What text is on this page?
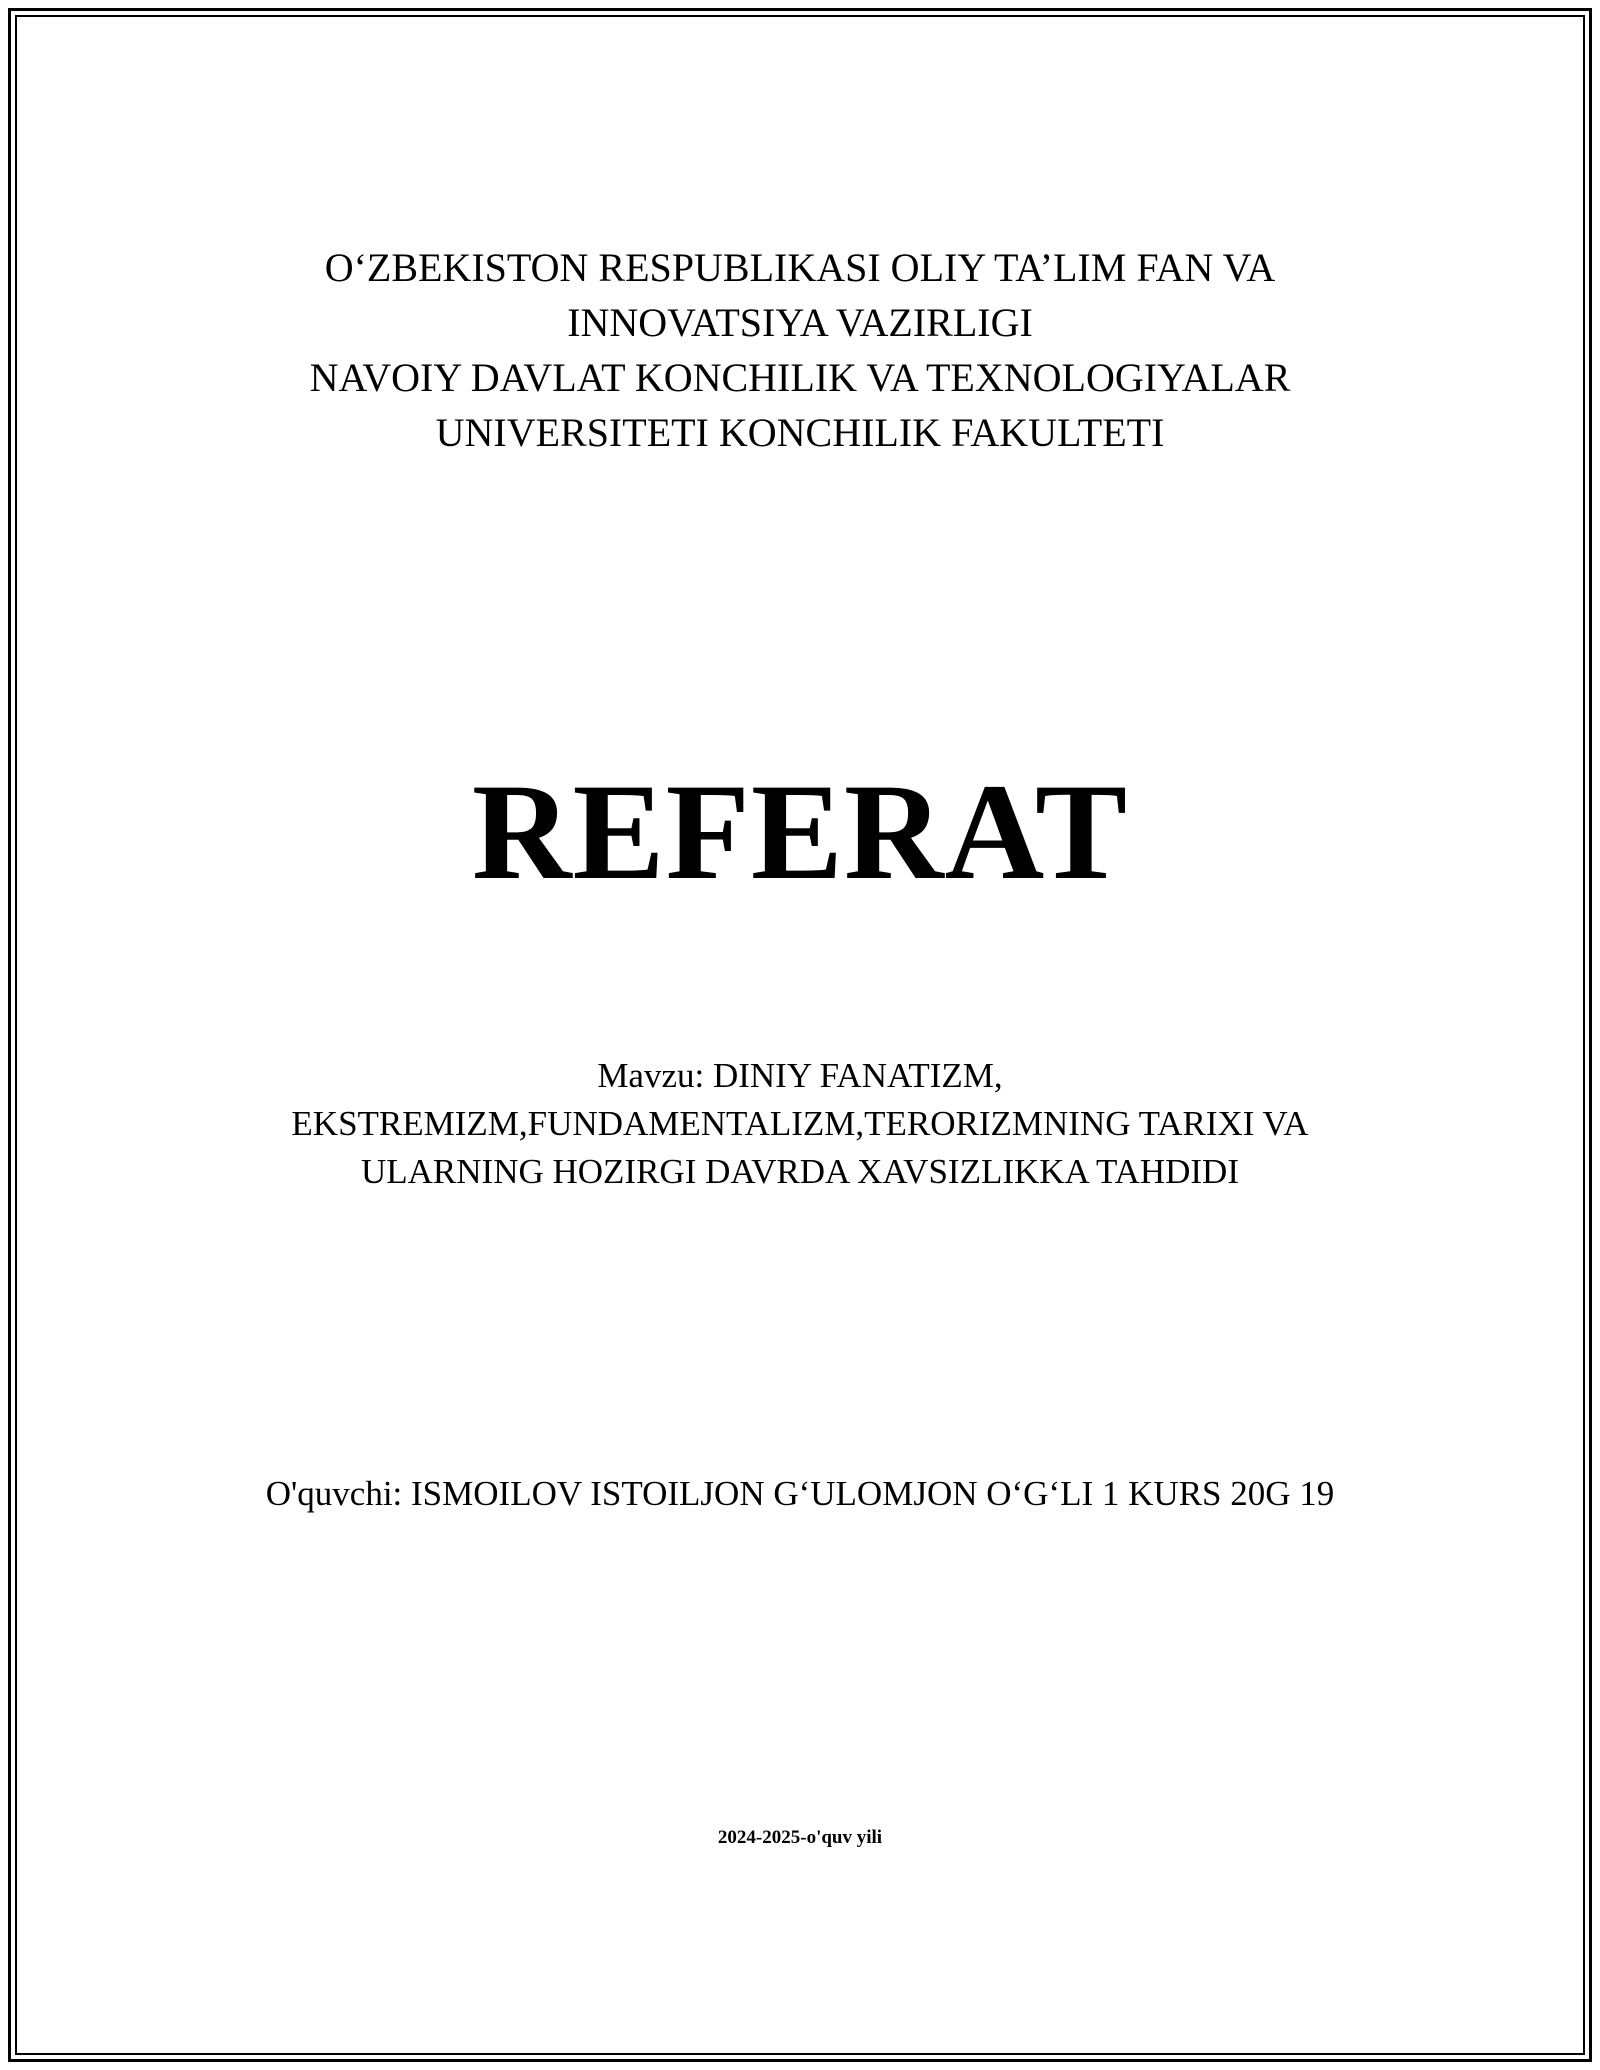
O‘ZBEKISTON RESPUBLIKASI OLIY TA’LIM FAN VA
INNOVATSIYA VAZIRLIGI
NAVOIY DAVLAT KONCHILIK VA TEXNOLOGIYALAR
UNIVERSITETI KONCHILIK FAKULTETI
REFERAT
Mavzu: DINIY FANATIZM,
EKSTREMIZM,FUNDAMENTALIZM,TERORIZMNING TARIXI VA
ULARNING HOZIRGI DAVRDA XAVSIZLIKKA TAHDIDI
O'quvchi: ISMOILOV ISTOILJON G‘ULOMJON O‘G‘LI 1 KURS 20G 19
2024-2025-o'quv yili
